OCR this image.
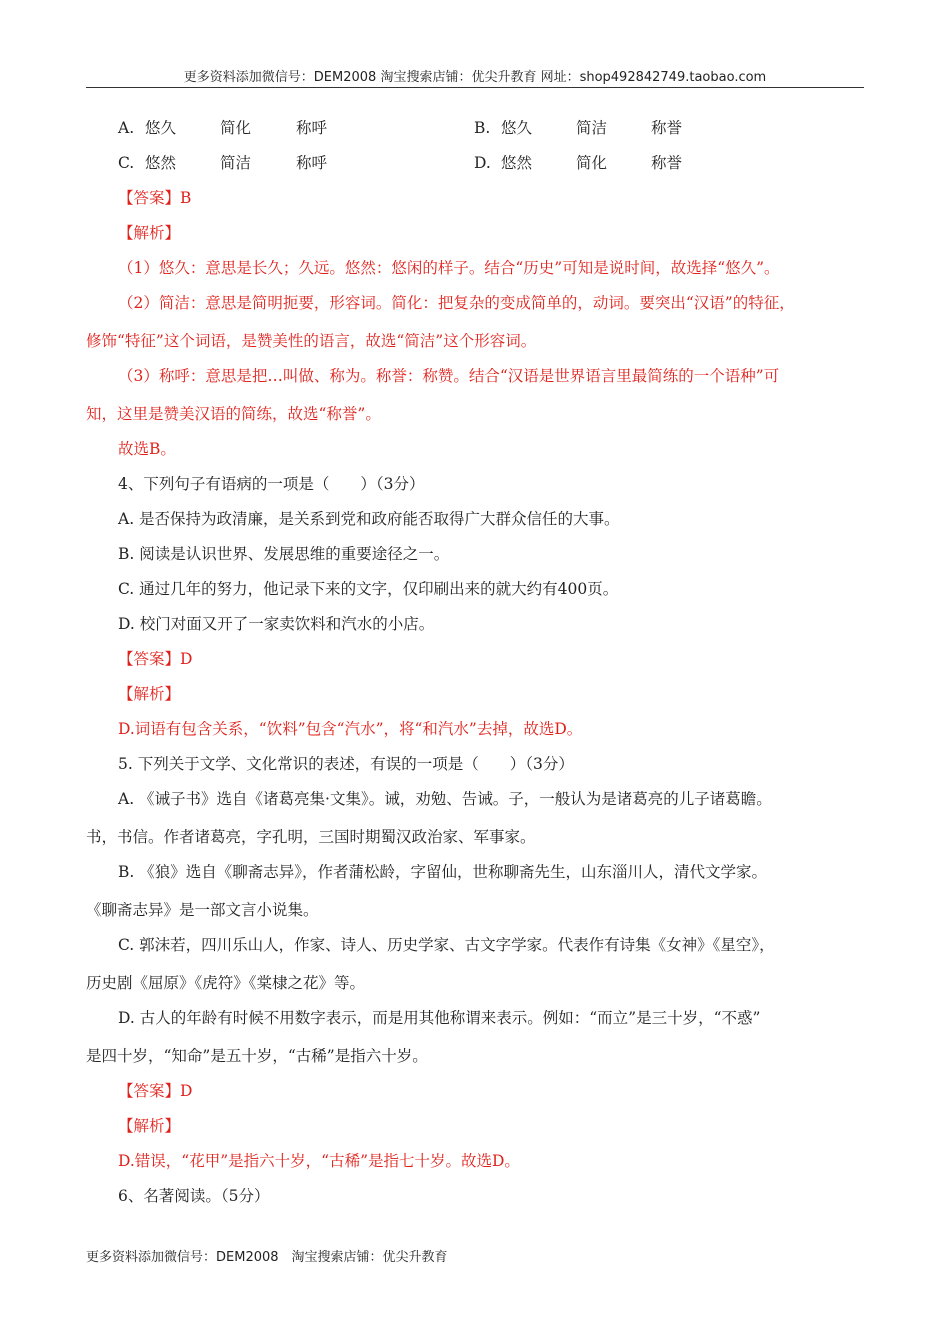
更多资料添加微信号：DEM2008 淘宝搜索店铺：优尖升教育 网址：shop492842749.taobao.com
A. 悠久	简化	称呼	B. 悠久	简洁	称誉
C. 悠然	简洁	称呼	D. 悠然	简化	称誉
【答案】B
【解析】
（1）悠久：意思是长久；久远。悠然：悠闲的样子。结合“历史”可知是说时间，故选择“悠久”。
（2）简洁：意思是简明扼要，形容词。简化：把复杂的变成简单的，动词。要突出“汉语”的特征，
修饰“特征”这个词语，是赞美性的语言，故选“简洁”这个形容词。
（3）称呼：意思是把…叫做、称为。称誉：称赞。结合“汉语是世界语言里最简练的一个语种”可
知，这里是赞美汉语的简练，故选“称誉”。
故选B。
4、下列句子有语病的一项是（　　）（3分）
A. 是否保持为政清廉，是关系到党和政府能否取得广大群众信任的大事。
B. 阅读是认识世界、发展思维的重要途径之一。
C. 通过几年的努力，他记录下来的文字，仅印刷出来的就大约有400页。
D. 校门对面又开了一家卖饮料和汽水的小店。
【答案】D
【解析】
D.词语有包含关系，“饮料”包含“汽水”，将“和汽水”去掉，故选D。
5. 下列关于文学、文化常识的表述，有误的一项是（　　）（3分）
A. 《诫子书》选自《诸葛亮集·文集》。诫，劝勉、告诫。子，一般认为是诸葛亮的儿子诸葛瞻。
书，书信。作者诸葛亮，字孔明，三国时期蜀汉政治家、军事家。
B. 《狼》选自《聊斋志异》，作者蒲松龄，字留仙，世称聊斋先生，山东淄川人，清代文学家。
《聊斋志异》是一部文言小说集。
C. 郭沫若，四川乐山人，作家、诗人、历史学家、古文字学家。代表作有诗集《女神》《星空》，
历史剧《屈原》《虎符》《棠棣之花》等。
D. 古人的年龄有时候不用数字表示，而是用其他称谓来表示。例如：“而立”是三十岁，“不惑”
是四十岁，“知命”是五十岁，“古稀”是指六十岁。
【答案】D
【解析】
D.错误，“花甲”是指六十岁，“古稀”是指七十岁。故选D。
6、名著阅读。（5分）
更多资料添加微信号：DEM2008　淘宝搜索店铺：优尖升教育
